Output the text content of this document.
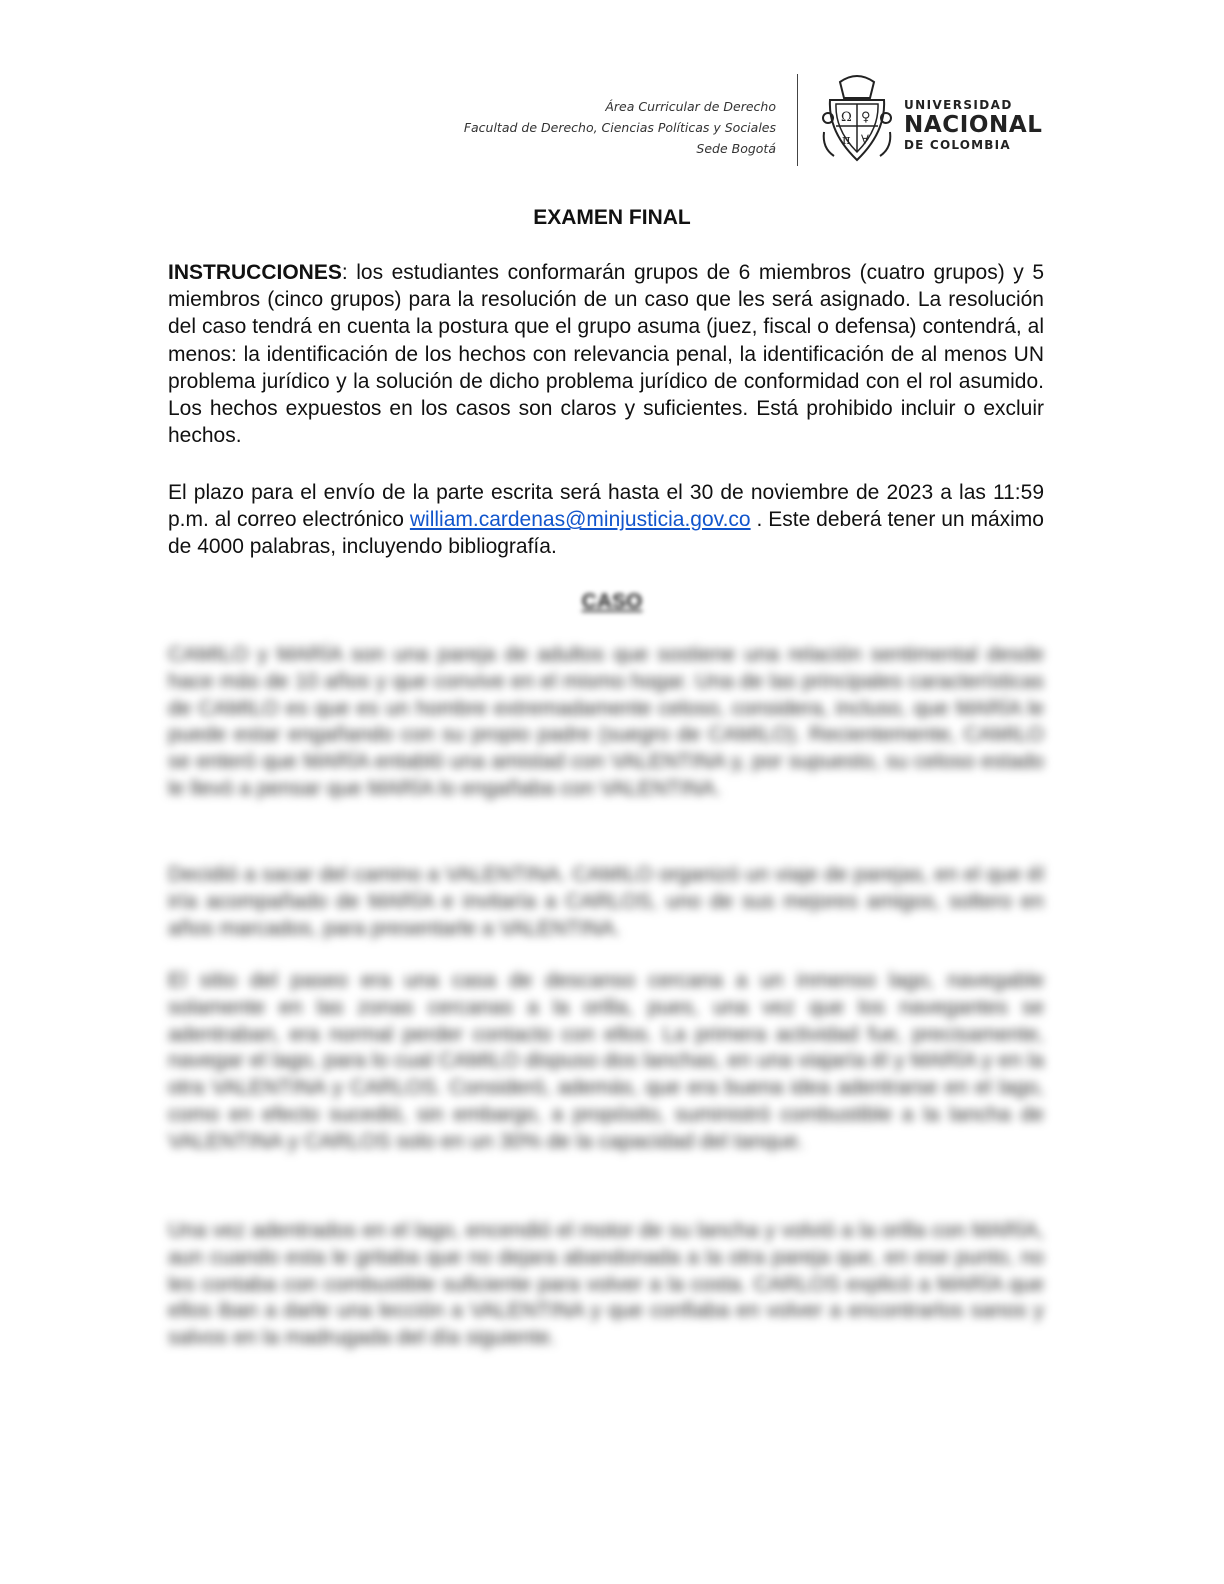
Área Curricular de Derecho
Facultad de Derecho, Ciencias Políticas y Sociales
Sede Bogotá
Ω ♀
π ∀
UNIVERSIDAD
NACIONAL
DE COLOMBIA
EXAMEN FINAL
INSTRUCCIONES: los estudiantes conformarán grupos de 6 miembros (cuatro grupos) y 5 miembros (cinco grupos) para la resolución de un caso que les será asignado. La resolución del caso tendrá en cuenta la postura que el grupo asuma (juez, fiscal o defensa) contendrá, al menos: la identificación de los hechos con relevancia penal, la identificación de al menos UN problema jurídico y la solución de dicho problema jurídico de conformidad con el rol asumido. Los hechos expuestos en los casos son claros y suficientes. Está prohibido incluir o excluir hechos.
El plazo para el envío de la parte escrita será hasta el 30 de noviembre de 2023 a las 11:59 p.m. al correo electrónico william.cardenas@minjusticia.gov.co . Este deberá tener un máximo de 4000 palabras, incluyendo bibliografía.
CASO
CAMILO y MARÍA son una pareja de adultos que sostiene una relación sentimental desde hace más de 10 años y que convive en el mismo hogar. Una de las principales características de CAMILO es que es un hombre extremadamente celoso, considera, incluso, que MARÍA le puede estar engañando con su propio padre (suegro de CAMILO). Recientemente, CAMILO se enteró que MARÍA entabló una amistad con VALENTINA y, por supuesto, su celoso estado le llevó a pensar que MARÍA lo engañaba con VALENTINA.
Decidió a sacar del camino a VALENTINA. CAMILO organizó un viaje de parejas, en el que él iría acompañado de MARÍA e invitaría a CARLOS, uno de sus mejores amigos, soltero en años marcados, para presentarle a VALENTINA.
El sitio del paseo era una casa de descanso cercana a un inmenso lago, navegable solamente en las zonas cercanas a la orilla, pues, una vez que los navegantes se adentraban, era normal perder contacto con ellos. La primera actividad fue, precisamente, navegar el lago, para lo cual CAMILO dispuso dos lanchas, en una viajaría él y MARÍA y en la otra VALENTINA y CARLOS. Consideró, además, que era buena idea adentrarse en el lago, como en efecto sucedió, sin embargo, a propósito, suministró combustible a la lancha de VALENTINA y CARLOS solo en un 30% de la capacidad del tanque.
Una vez adentrados en el lago, encendió el motor de su lancha y volvió a la orilla con MARÍA, aun cuando esta le gritaba que no dejara abandonada a la otra pareja que, en ese punto, no les contaba con combustible suficiente para volver a la costa. CARLOS explicó a MARÍA que ellos iban a darle una lección a VALENTINA y que confiaba en volver a encontrarlos sanos y salvos en la madrugada del día siguiente.
